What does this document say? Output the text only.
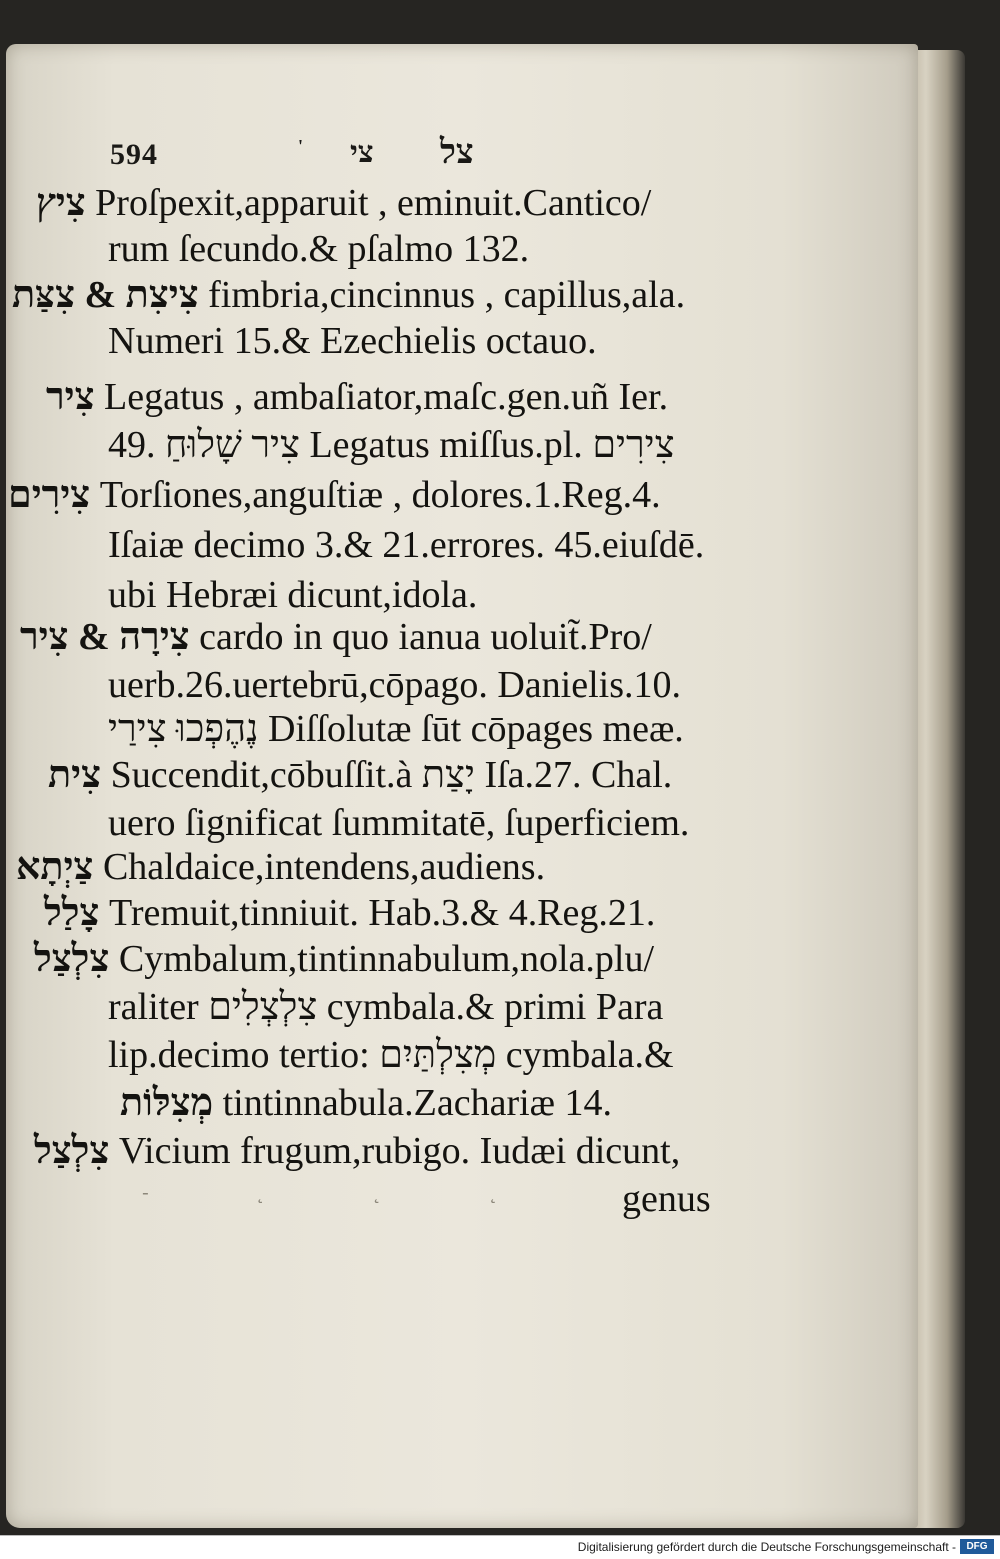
594	' צי צל
צִיץ Proſpexit,apparuit , eminuit.Cantico/
rum ſecundo.& pſalmo 132.
צִיצִת & צִצַּת fimbria,cincinnus , capillus,ala.
Numeri 15.& Ezechielis octauo.
צִיר Legatus , ambaſiator,maſc.gen.uñ Ier.
49. צִיר שָׁלוּחַ Legatus miſſus.pl. צִירִים
צִירִים Torſiones,anguſtiæ , dolores.1.Reg.4.
Iſaiæ decimo 3.& 21.errores. 45.eiuſdē.
ubi Hebræi dicunt,idola.
צִירָה & צִיר cardo in quo ianua uoluit̃.Pro/
uerb.26.uertebrū,cōpago. Danielis.10.
נֶהֶפְכוּ צִירַי Diſſolutæ ſūt cōpages meæ.
צִית Succendit,cōbuſſit.à יָצַת Iſa.27. Chal.
uero ſignificat ſummitatē, ſuperficiem.
צַיְתָא Chaldaice,intendens,audiens.
צָלַל Tremuit,tinniuit. Hab.3.& 4.Reg.21.
צִלְצַל Cymbalum,tintinnabulum,nola.plu/
raliter צִלְצְלִים cymbala.& primi Para
lip.decimo tertio: מְצִלְתַּיִם cymbala.&
מְצִלּוֹת tintinnabula.Zachariæ 14.
צִלְצַל Vicium frugum,rubigo. Iudæi dicunt,
- ˛ ˛ ˛ genus
Digitalisierung gefördert durch die Deutsche Forschungsgemeinschaft -	DFG
